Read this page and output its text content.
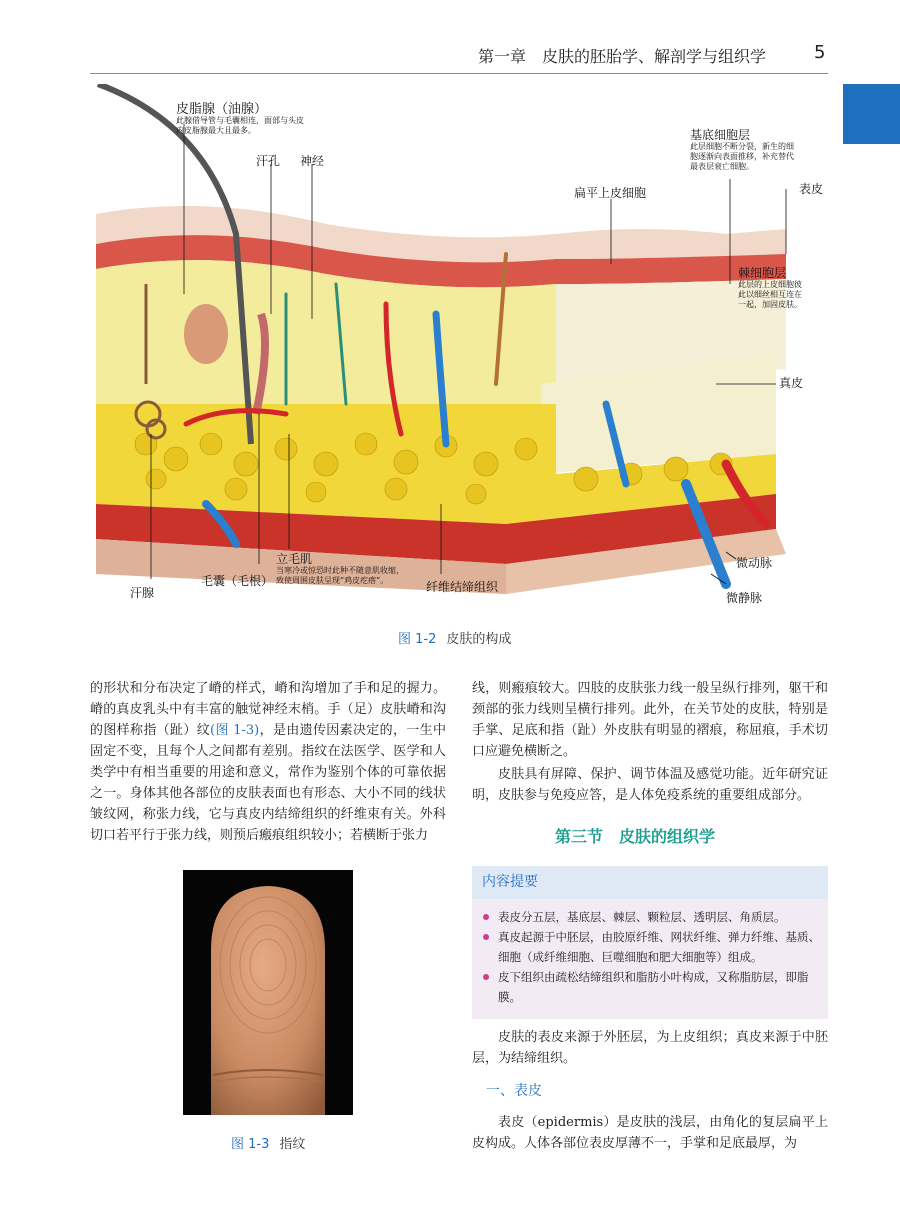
第一章　皮肤的胚胎学、解剖学与组织学	5
皮脂腺（油腺）
此腺借导管与毛囊相连，面部与头皮
内皮脂腺最大且最多。
汗孔 神经
基底细胞层
此层细胞不断分裂，新生的细
胞逐渐向表面推移，补充替代
最表层衰亡细胞。
扁平上皮细胞	表皮
棘细胞层
此层的上皮细胞彼
此以细丝相互连在
一起，加固皮肤。
真皮
立毛肌
当寒冷或惊恐时此种不随意肌收缩，
致使周围皮肤呈现“鸡皮疙瘩”。
毛囊（毛根）
汗腺	纤维结缔组织
微动脉
微静脉
图 1-2 皮肤的构成
的形状和分布决定了嵴的样式，嵴和沟增加了手和足的握力。嵴的真皮乳头中有丰富的触觉神经末梢。手（足）皮肤嵴和沟的图样称指（趾）纹(图 1-3)，是由遗传因素决定的，一生中固定不变，且每个人之间都有差别。指纹在法医学、医学和人类学中有相当重要的用途和意义，常作为鉴别个体的可靠依据之一。身体其他各部位的皮肤表面也有形态、大小不同的线状皱纹网，称张力线，它与真皮内结缔组织的纤维束有关。外科切口若平行于张力线，则预后瘢痕组织较小；若横断于张力
线，则瘢痕较大。四肢的皮肤张力线一般呈纵行排列，躯干和颈部的张力线则呈横行排列。此外，在关节处的皮肤，特别是手掌、足底和指（趾）外皮肤有明显的褶痕，称屈痕，手术切口应避免横断之。
皮肤具有屏障、保护、调节体温及感觉功能。近年研究证明，皮肤参与免疫应答，是人体免疫系统的重要组成部分。
第三节　皮肤的组织学
内容提要
表皮分五层，基底层、棘层、颗粒层、透明层、角质层。
真皮起源于中胚层，由胶原纤维、网状纤维、弹力纤维、基质、细胞（成纤维细胞、巨噬细胞和肥大细胞等）组成。
皮下组织由疏松结缔组织和脂肪小叶构成，又称脂肪层，即脂膜。
皮肤的表皮来源于外胚层，为上皮组织；真皮来源于中胚层，为结缔组织。
一、表皮
表皮（epidermis）是皮肤的浅层，由角化的复层扁平上皮构成。人体各部位表皮厚薄不一，手掌和足底最厚，为
图 1-3 指纹
